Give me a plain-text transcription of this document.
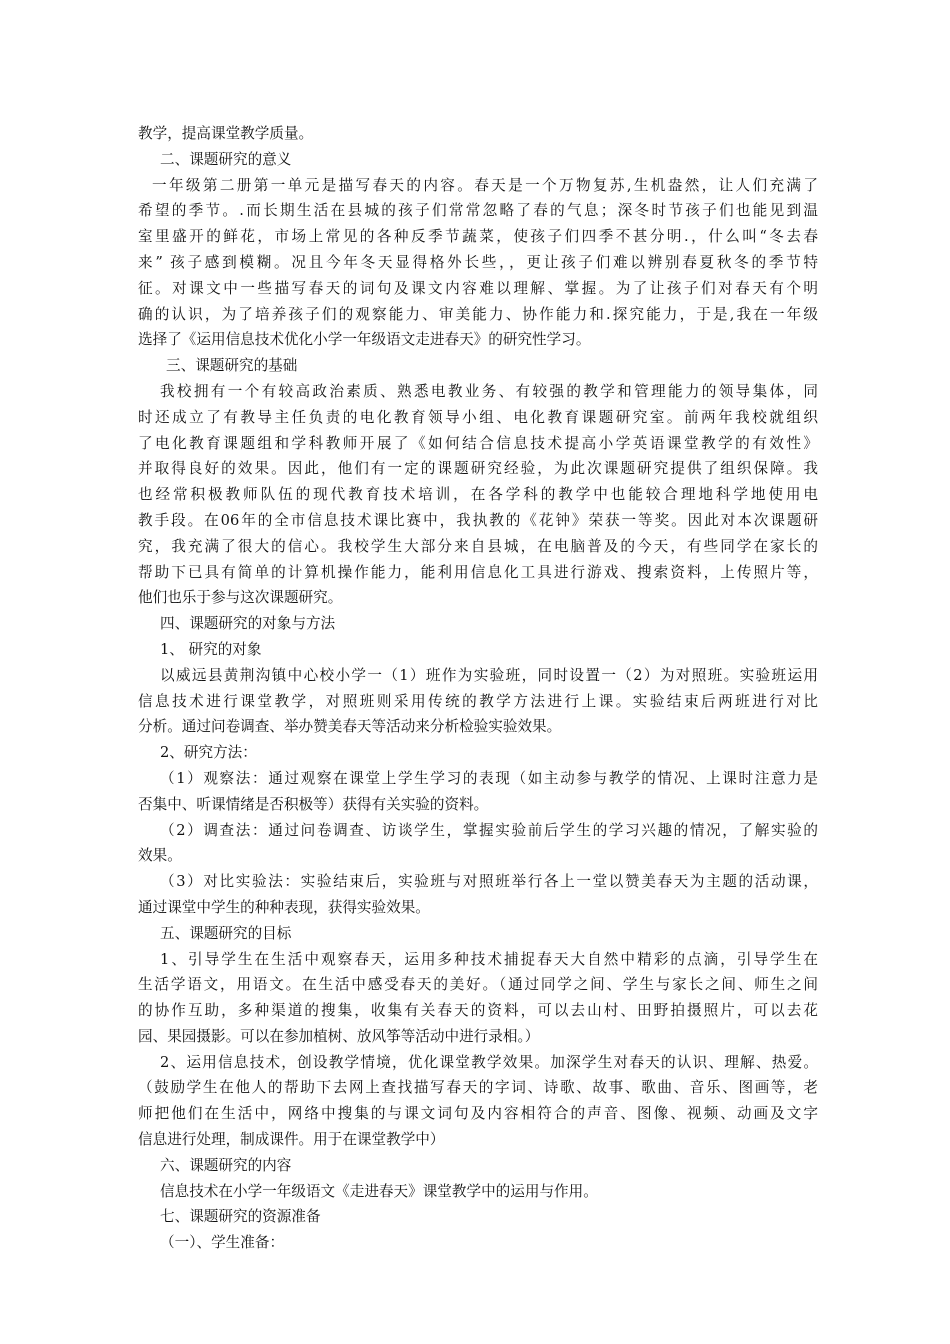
教学，提高课堂教学质量。
二、课题研究的意义
一年级第二册第一单元是描写春天的内容。春天是一个万物复苏,生机盎然，让人们充满了
希望的季节。.而长期生活在县城的孩子们常常忽略了春的气息；深冬时节孩子们也能见到温
室里盛开的鲜花，市场上常见的各种反季节蔬菜，使孩子们四季不甚分明.，什么叫“冬去春
来” 孩子感到模糊。况且今年冬天显得格外长些，，更让孩子们难以辨别春夏秋冬的季节特
征。对课文中一些描写春天的词句及课文内容难以理解、掌握。为了让孩子们对春天有个明
确的认识，为了培养孩子们的观察能力、审美能力、协作能力和.探究能力，于是,我在一年级
选择了《运用信息技术优化小学一年级语文走进春天》的研究性学习。
三、课题研究的基础
我校拥有一个有较高政治素质、熟悉电教业务、有较强的教学和管理能力的领导集体，同
时还成立了有教导主任负责的电化教育领导小组、电化教育课题研究室。前两年我校就组织
了电化教育课题组和学科教师开展了《如何结合信息技术提高小学英语课堂教学的有效性》
并取得良好的效果。因此，他们有一定的课题研究经验，为此次课题研究提供了组织保障。我
也经常积极教师队伍的现代教育技术培训，在各学科的教学中也能较合理地科学地使用电
教手段。在06年的全市信息技术课比赛中，我执教的《花钟》荣获一等奖。因此对本次课题研
究，我充满了很大的信心。我校学生大部分来自县城，在电脑普及的今天，有些同学在家长的
帮助下已具有简单的计算机操作能力，能利用信息化工具进行游戏、搜索资料，上传照片等，
他们也乐于参与这次课题研究。
四、课题研究的对象与方法
1、 研究的对象
以威远县黄荆沟镇中心校小学一（1）班作为实验班，同时设置一（2）为对照班。实验班运用
信息技术进行课堂教学，对照班则采用传统的教学方法进行上课。实验结束后两班进行对比
分析。通过问卷调查、举办赞美春天等活动来分析检验实验效果。
2、研究方法：
（1）观察法：通过观察在课堂上学生学习的表现（如主动参与教学的情况、上课时注意力是
否集中、听课情绪是否积极等）获得有关实验的资料。
（2）调查法：通过问卷调查、访谈学生，掌握实验前后学生的学习兴趣的情况，了解实验的
效果。
（3）对比实验法：实验结束后，实验班与对照班举行各上一堂以赞美春天为主题的活动课，
通过课堂中学生的种种表现，获得实验效果。
五、课题研究的目标
1、引导学生在生活中观察春天，运用多种技术捕捉春天大自然中精彩的点滴，引导学生在
生活学语文，用语文。在生活中感受春天的美好。（通过同学之间、学生与家长之间、师生之间
的协作互助，多种渠道的搜集，收集有关春天的资料，可以去山村、田野拍摄照片，可以去花
园、果园摄影。可以在参加植树、放风筝等活动中进行录相。）
2、运用信息技术，创设教学情境，优化课堂教学效果。加深学生对春天的认识、理解、热爱。
（鼓励学生在他人的帮助下去网上查找描写春天的字词、诗歌、故事、歌曲、音乐、图画等，老
师把他们在生活中，网络中搜集的与课文词句及内容相符合的声音、图像、视频、动画及文字
信息进行处理，制成课件。用于在课堂教学中）
六、课题研究的内容
信息技术在小学一年级语文《走进春天》课堂教学中的运用与作用。
七、课题研究的资源准备
（一）、学生准备：
